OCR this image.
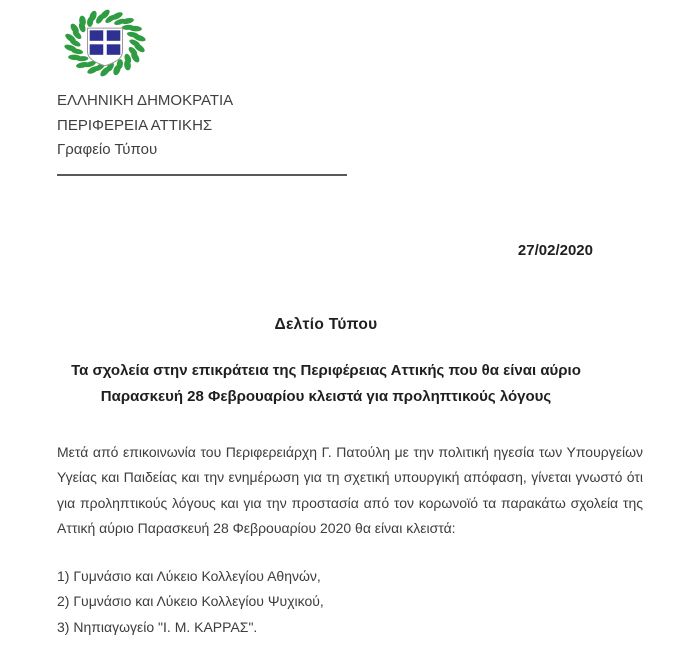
ΕΛΛΗΝΙΚΗ ΔΗΜΟΚΡΑΤΙΑ
ΠΕΡΙΦΕΡΕΙΑ ΑΤΤΙΚΗΣ
Γραφείο Τύπου
27/02/2020
Δελτίο Τύπου
Τα σχολεία στην επικράτεια της Περιφέρειας Αττικής που θα είναι αύριο Παρασκευή 28 Φεβρουαρίου κλειστά για προληπτικούς λόγους

Μετά από επικοινωνία του Περιφερειάρχη Γ. Πατούλη με την πολιτική ηγεσία των Υπουργείων Υγείας και Παιδείας και την ενημέρωση για τη σχετική υπουργική απόφαση, γίνεται γνωστό ότι για προληπτικούς λόγους και για την προστασία από τον κορωνοϊό τα παρακάτω σχολεία της Αττική αύριο Παρασκευή 28 Φεβρουαρίου 2020 θα είναι κλειστά:

1) Γυμνάσιο και Λύκειο Κολλεγίου Αθηνών,
2) Γυμνάσιο και Λύκειο Κολλεγίου Ψυχικού,
3) Νηπιαγωγείο "Ι. Μ. ΚΑΡΡΑΣ".
